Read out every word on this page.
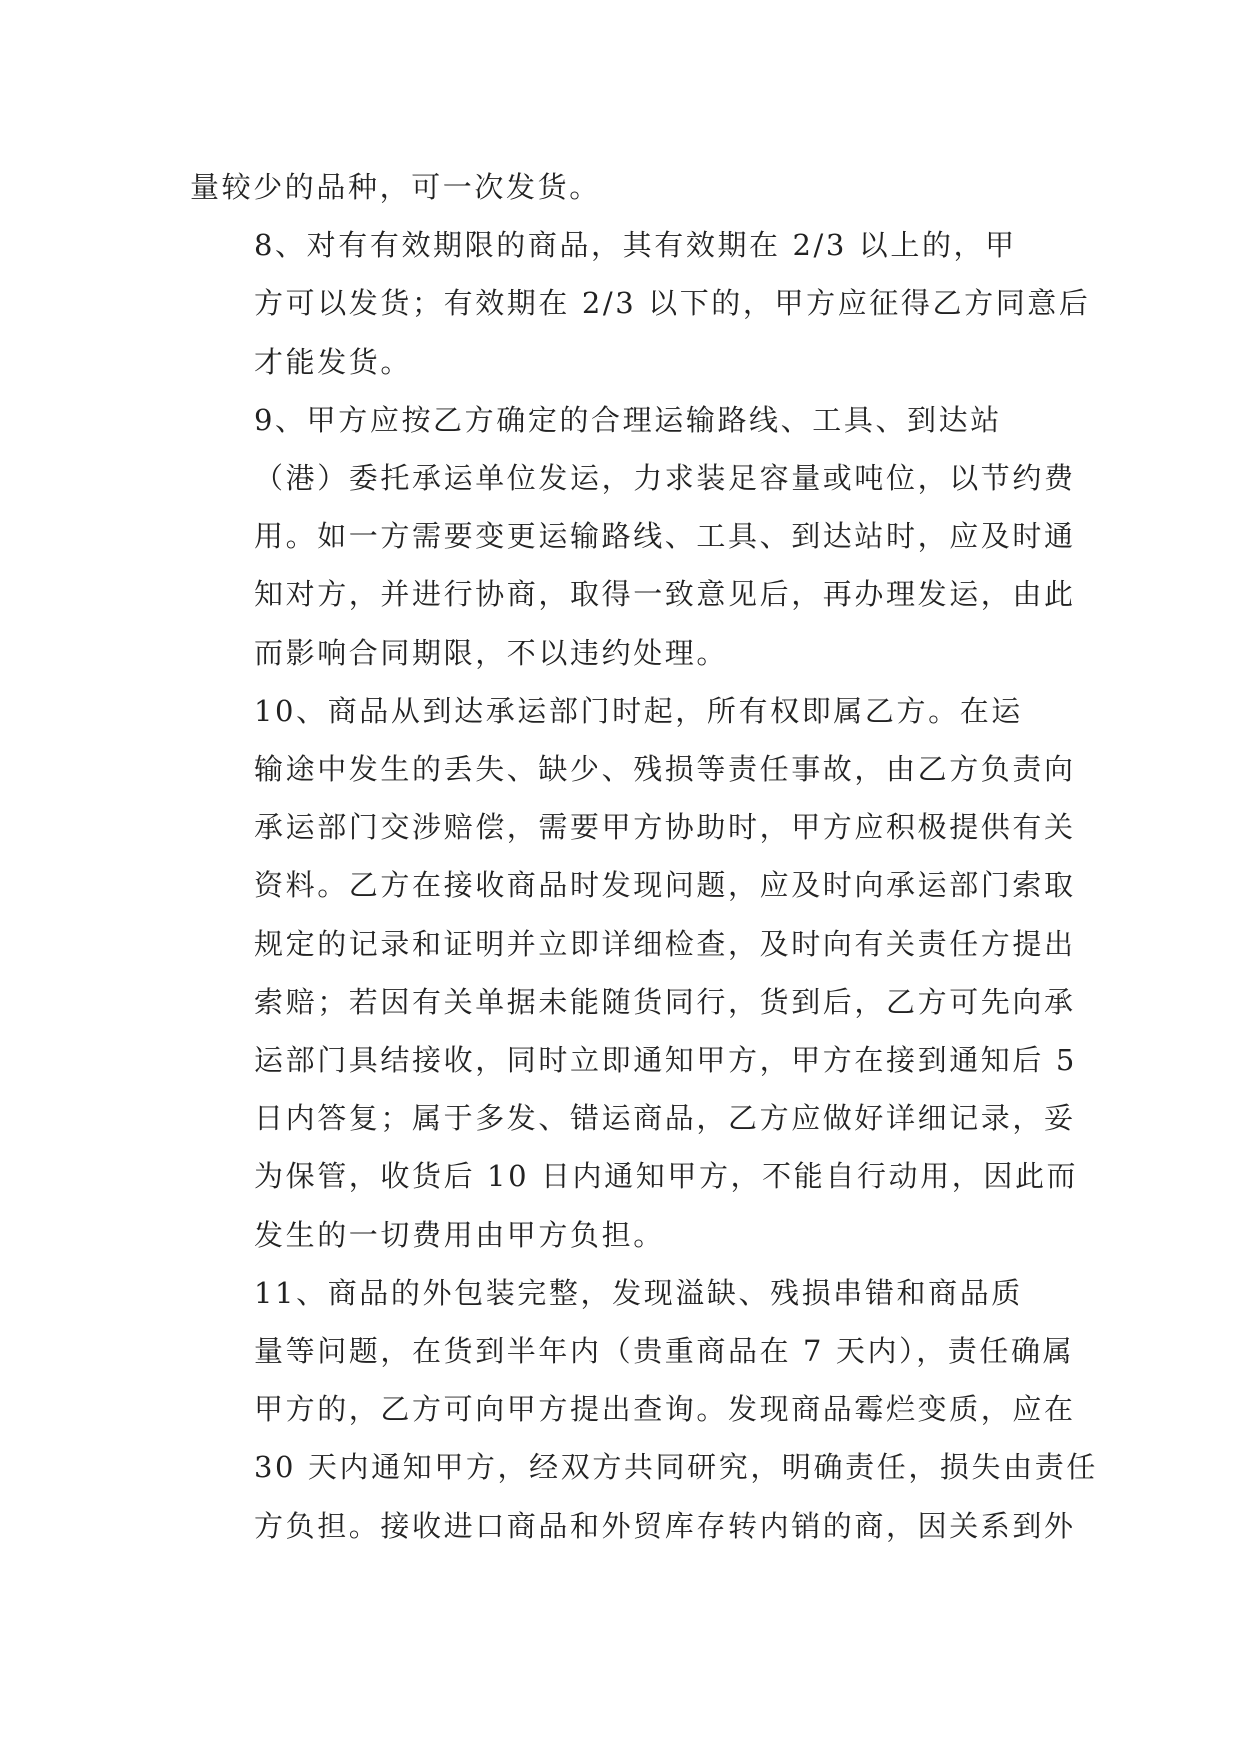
量较少的品种，可一次发货。

8、对有有效期限的商品，其有效期在 2/3 以上的，甲
方可以发货；有效期在 2/3 以下的，甲方应征得乙方同意后
才能发货。

9、甲方应按乙方确定的合理运输路线、工具、到达站
（港）委托承运单位发运，力求装足容量或吨位，以节约费
用。如一方需要变更运输路线、工具、到达站时，应及时通
知对方，并进行协商，取得一致意见后，再办理发运，由此
而影响合同期限，不以违约处理。

10、商品从到达承运部门时起，所有权即属乙方。在运
输途中发生的丢失、缺少、残损等责任事故，由乙方负责向
承运部门交涉赔偿，需要甲方协助时，甲方应积极提供有关
资料。乙方在接收商品时发现问题，应及时向承运部门索取
规定的记录和证明并立即详细检查，及时向有关责任方提出
索赔；若因有关单据未能随货同行，货到后，乙方可先向承
运部门具结接收，同时立即通知甲方，甲方在接到通知后 5
日内答复；属于多发、错运商品，乙方应做好详细记录，妥
为保管，收货后 10 日内通知甲方，不能自行动用，因此而
发生的一切费用由甲方负担。

11、商品的外包装完整，发现溢缺、残损串错和商品质
量等问题，在货到半年内（贵重商品在 7 天内），责任确属
甲方的，乙方可向甲方提出查询。发现商品霉烂变质，应在
30 天内通知甲方，经双方共同研究，明确责任，损失由责任
方负担。接收进口商品和外贸库存转内销的商，因关系到外
